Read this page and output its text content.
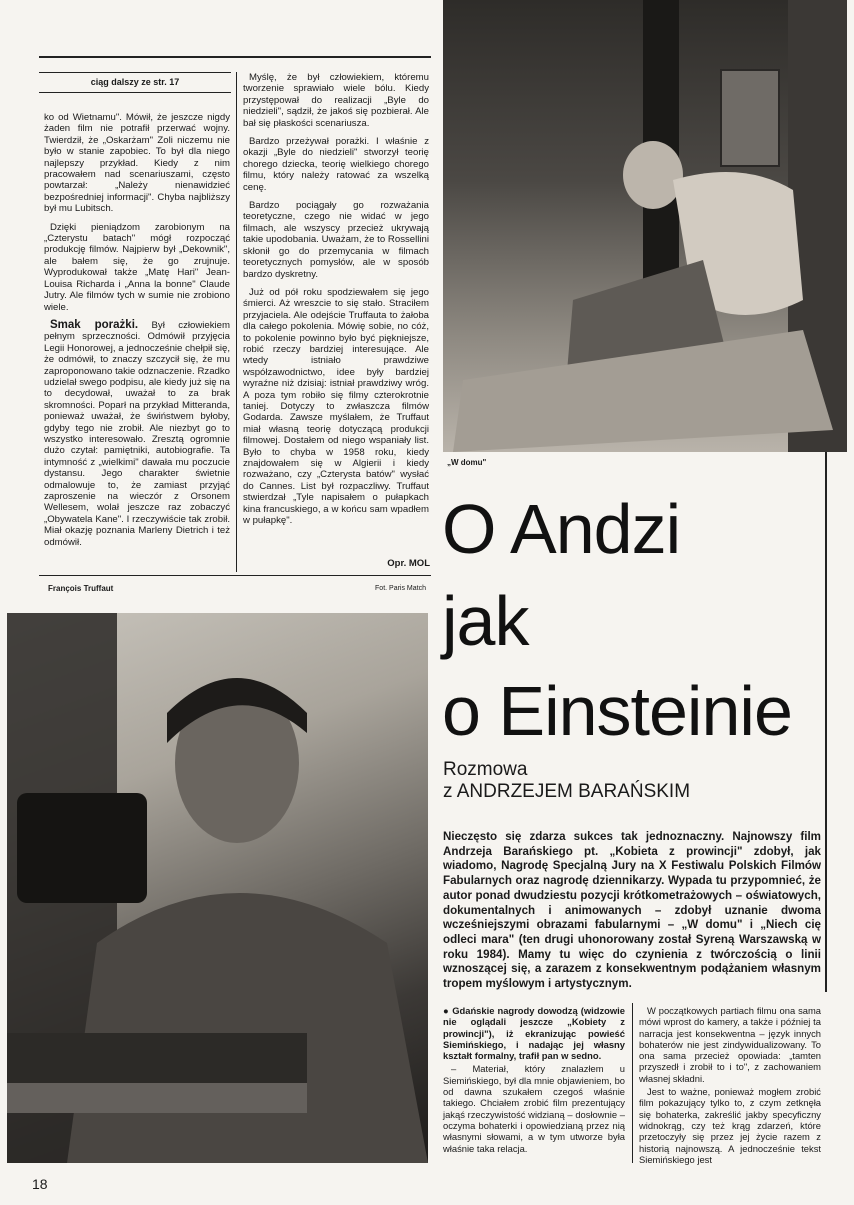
ciąg dalszy ze str. 17

ko od Wietnamu". Mówił, że jeszcze nigdy żaden film nie potrafił przerwać wojny. Twierdził, że „Oskarżam" Zoli niczemu nie było w stanie zapobiec. To był dla niego najlepszy przykład. Kiedy z nim pracowałem nad scenariuszami, często powtarzał: „Należy nienawidzieć bezpośredniej informacji". Chyba najbliższy był mu Lubitsch.

Dzięki pieniądzom zarobionym na „Czterystu batach" mógł rozpocząć produkcję filmów. Najpierw był „Dekownik", ale bałem się, że go zrujnuje. Wyprodukował także „Matę Hari" Jean-Louisa Richarda i „Anna la bonne" Claude Jutry. Ale filmów tych w sumie nie zrobiono wiele.

Smak porażki. Był człowiekiem pełnym sprzeczności. Odmówił przyjęcia Legii Honorowej, a jednocześnie chełpił się, że odmówił, to znaczy szczycił się, że mu zaproponowano takie odznaczenie. Rzadko udzielał swego podpisu, ale kiedy już się na to decydował, uważał to za brak skromności. Poparł na przykład Mitteranda, ponieważ uważał, że świństwem byłoby, gdyby tego nie zrobił. Ale niezbyt go to wszystko interesowało. Zresztą ogromnie dużo czytał: pamiętniki, autobiografie. Ta intymność z „wielkimi" dawała mu poczucie dystansu. Jego charakter świetnie odmalowuje to, że zamiast przyjąć zaproszenie na wieczór z Orsonem Wellesem, wolał jeszcze raz zobaczyć „Obywatela Kane". I rzeczywiście tak zrobił. Miał okazję poznania Marleny Dietrich i też odmówił.

Myślę, że był człowiekiem, któremu tworzenie sprawiało wiele bólu. Kiedy przystępował do realizacji „Byle do niedzieli", sądził, że jakoś się pozbierał. Ale bał się płaskości scenariusza.

Bardzo przeżywał porażki. I właśnie z okazji „Byle do niedzieli" stworzył teorię chorego dziecka, teorię wielkiego chorego filmu, który należy ratować za wszelką cenę.

Bardzo pociągały go rozważania teoretyczne, czego nie widać w jego filmach, ale wszyscy przecież ukrywają takie upodobania. Uważam, że to Rossellini skłonił go do przemycania w filmach teoretycznych pomysłów, ale w sposób bardzo dyskretny.

Już od pół roku spodziewałem się jego śmierci. Aż wreszcie to się stało. Straciłem przyjaciela. Ale odejście Truffauta to żałoba dla całego pokolenia. Mówię sobie, no cóż, to pokolenie powinno było być piękniejsze, robić rzeczy bardziej interesujące. Ale wtedy istniało prawdziwe współzawodnictwo, idee były bardziej wyraźne niż dzisiaj: istniał prawdziwy wróg. A poza tym robiło się filmy czterokrotnie taniej. Dotyczy to zwłaszcza filmów Godarda. Zawsze myślałem, że Truffaut miał własną teorię dotyczącą produkcji filmowej. Dostałem od niego wspaniały list. Było to chyba w 1958 roku, kiedy znajdowałem się w Algierii i kiedy rozważano, czy „Czterysta batów" wysłać do Cannes. List był rozpaczliwy. Truffaut stwierdzał „Tyle napisałem o pułapkach kina francuskiego, a w końcu sam wpadłem w pułapkę".

Opr. MOL
François Truffaut	Fot. Paris Match
„W domu"
O Andzi
jak
o Einsteinie
Rozmowa
z ANDRZEJEM BARAŃSKIM
Nieczęsto się zdarza sukces tak jednoznaczny. Najnowszy film Andrzeja Barańskiego pt. „Kobieta z prowincji" zdobył, jak wiadomo, Nagrodę Specjalną Jury na X Festiwalu Polskich Filmów Fabularnych oraz nagrodę dziennikarzy. Wypada tu przypomnieć, że autor ponad dwudziestu pozycji krótkometrażowych – oświatowych, dokumentalnych i animowanych – zdobył uznanie dwoma wcześniejszymi obrazami fabularnymi – „W domu" i „Niech cię odleci mara" (ten drugi uhonorowany został Syreną Warszawską w roku 1984). Mamy tu więc do czynienia z twórczością o linii wznoszącej się, a zarazem z konsekwentnym podążaniem własnym tropem myślowym i artystycznym.
● Gdańskie nagrody dowodzą (widzowie nie oglądali jeszcze „Kobiety z prowincji"), iż ekranizując powieść Siemińskiego, i nadając jej własny kształt formalny, trafił pan w sedno.
– Materiał, który znalazłem u Siemińskiego, był dla mnie objawieniem, bo od dawna szukałem czegoś właśnie takiego. Chciałem zrobić film prezentujący jakąś rzeczywistość widzianą – dosłownie – oczyma bohaterki i opowiedzianą przez nią własnymi słowami, a w tym utworze była właśnie taka relacja.
W początkowych partiach filmu ona sama mówi wprost do kamery, a także i później ta narracja jest konsekwentna – język innych bohaterów nie jest zindywidualizowany. To ona sama przecież opowiada: „tamten przyszedł i zrobił to i to", z zachowaniem własnej składni.
Jest to ważne, ponieważ mogłem zrobić film pokazujący tylko to, z czym zetknęła się bohaterka, zakreślić jakby specyficzny widnokrąg, czy też krąg zdarzeń, które przetoczyły się przez jej życie razem z historią najnowszą. A jednocześnie tekst Siemińskiego jest
18
